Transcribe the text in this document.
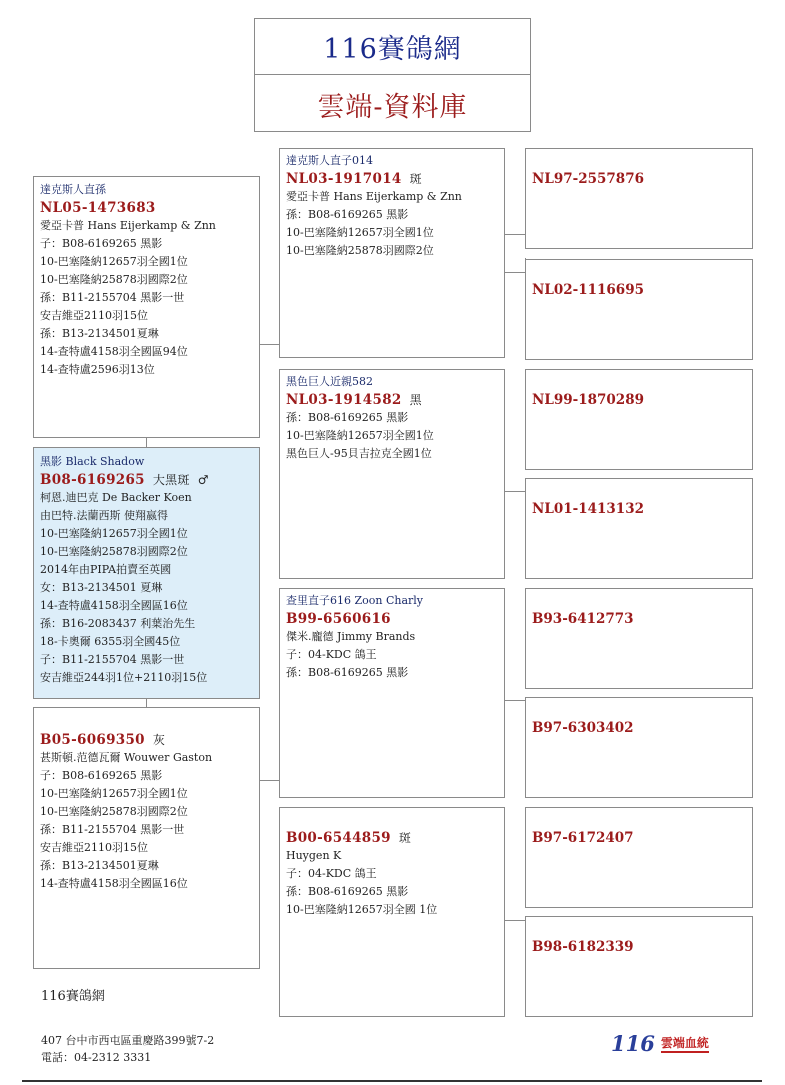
116賽鴿網
雲端-資料庫
達克斯人直孫
NL05-1473683
愛亞卡普 Hans Eijerkamp & Znn
子：B08-6169265 黑影
10-巴塞隆納12657羽全國1位
10-巴塞隆納25878羽國際2位
孫：B11-2155704 黑影一世
安吉維亞2110羽15位
孫：B13-2134501夏琳
14-查特盧4158羽全國區94位
14-查特盧2596羽13位
黑影 Black Shadow
B08-6169265 大黑斑 ♂
柯恩.迪巴克 De Backer Koen
由巴特.法蘭西斯 使翔嬴得
10-巴塞隆納12657羽全國1位
10-巴塞隆納25878羽國際2位
2014年由PIPA拍賣至英國
女：B13-2134501 夏琳
14-查特盧4158羽全國區16位
孫：B16-2083437 利葉治先生
18-卡奧爾 6355羽全國45位
子：B11-2155704 黑影一世
安吉維亞244羽1位+2110羽15位
B05-6069350 灰
甚斯頓.范德瓦爾 Wouwer Gaston
子：B08-6169265 黑影
10-巴塞隆納12657羽全國1位
10-巴塞隆納25878羽國際2位
孫：B11-2155704 黑影一世
安吉維亞2110羽15位
孫：B13-2134501夏琳
14-查特盧4158羽全國區16位
達克斯人直子014
NL03-1917014 斑
愛亞卡普 Hans Eijerkamp & Znn
孫：B08-6169265 黑影
10-巴塞隆納12657羽全國1位
10-巴塞隆納25878羽國際2位
黑色巨人近親582
NL03-1914582 黑
孫：B08-6169265 黑影
10-巴塞隆納12657羽全國1位
黑色巨人-95貝吉拉克全國1位
查里直子616 Zoon Charly
B99-6560616
傑米.龐德 Jimmy Brands
子：04-KDC 鴿王
孫：B08-6169265 黑影
B00-6544859 斑
Huygen K
子：04-KDC 鴿王
孫：B08-6169265 黑影
10-巴塞隆納12657羽全國 1位
NL97-2557876
NL02-1116695
NL99-1870289
NL01-1413132
B93-6412773
B97-6303402
B97-6172407
B98-6182339
116賽鴿網
407 台中市西屯區重慶路399號7-2
電話：04-2312 3331
116 雲端血統
